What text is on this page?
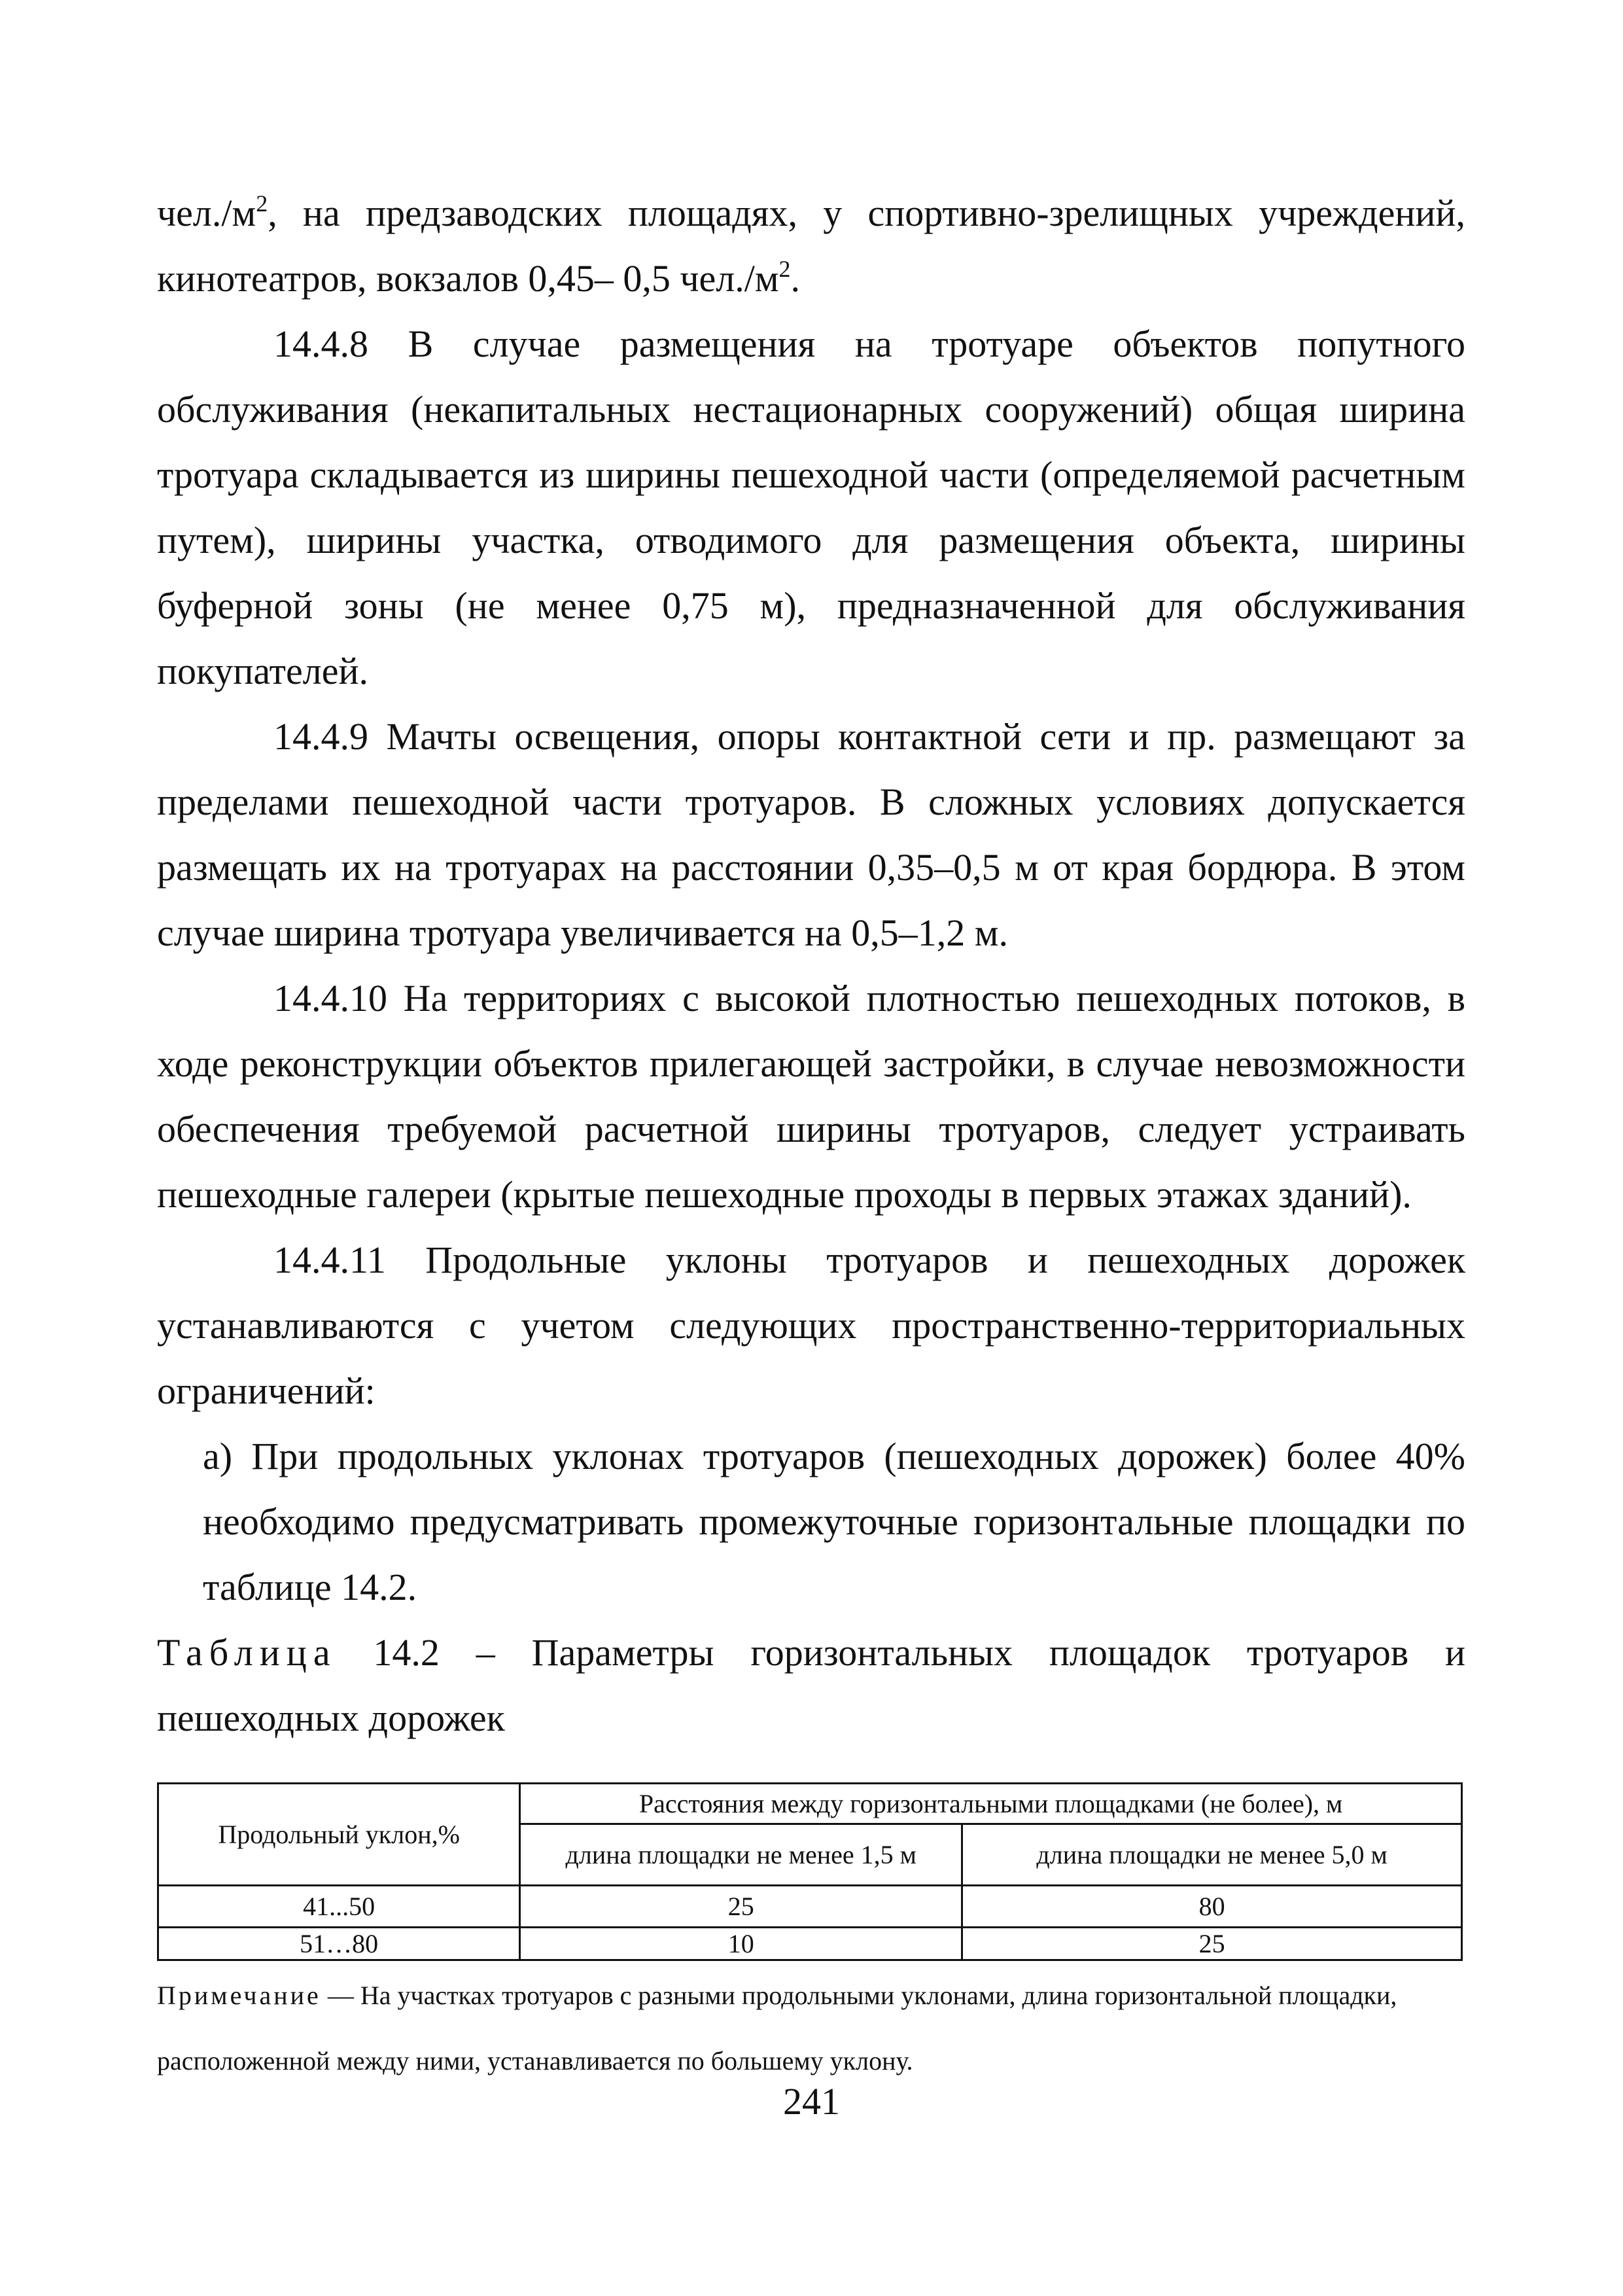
$чел./м^2$, на предзаводских площадях, у спортивно-зрелищных учреждений, кинотеатров, вокзалов 0,45– 0,5 $чел./м^2$.
14.4.8 В случае размещения на тротуаре объектов попутного обслуживания (некапитальных нестационарных сооружений) общая ширина тротуара складывается из ширины пешеходной части (определяемой расчетным путем), ширины участка, отводимого для размещения объекта, ширины буферной зоны (не менее 0,75 м), предназначенной для обслуживания покупателей.
14.4.9 Мачты освещения, опоры контактной сети и пр. размещают за пределами пешеходной части тротуаров. В сложных условиях допускается размещать их на тротуарах на расстоянии 0,35–0,5 м от края бордюра. В этом случае ширина тротуара увеличивается на 0,5–1,2 м.
14.4.10 На территориях с высокой плотностью пешеходных потоков, в ходе реконструкции объектов прилегающей застройки, в случае невозможности обеспечения требуемой расчетной ширины тротуаров, следует устраивать пешеходные галереи (крытые пешеходные проходы в первых этажах зданий).
14.4.11 Продольные уклоны тротуаров и пешеходных дорожек устанавливаются с учетом следующих пространственно-территориальных ограничений:
а) При продольных уклонах тротуаров (пешеходных дорожек) более 40% необходимо предусматривать промежуточные горизонтальные площадки по таблице 14.2.
Таблица 14.2 – Параметры горизонтальных площадок тротуаров и пешеходных дорожек
Продольный уклон,%	Расстояния между горизонтальными площадками (не более), м	
	длина площадки не менее 1,5 м	длина площадки не менее 5,0 м
41...50	25	80
51…80	10	25
Примечание — На участках тротуаров с разными продольными уклонами, длина горизонтальной площадки, расположенной между ними, устанавливается по большему уклону.
241
